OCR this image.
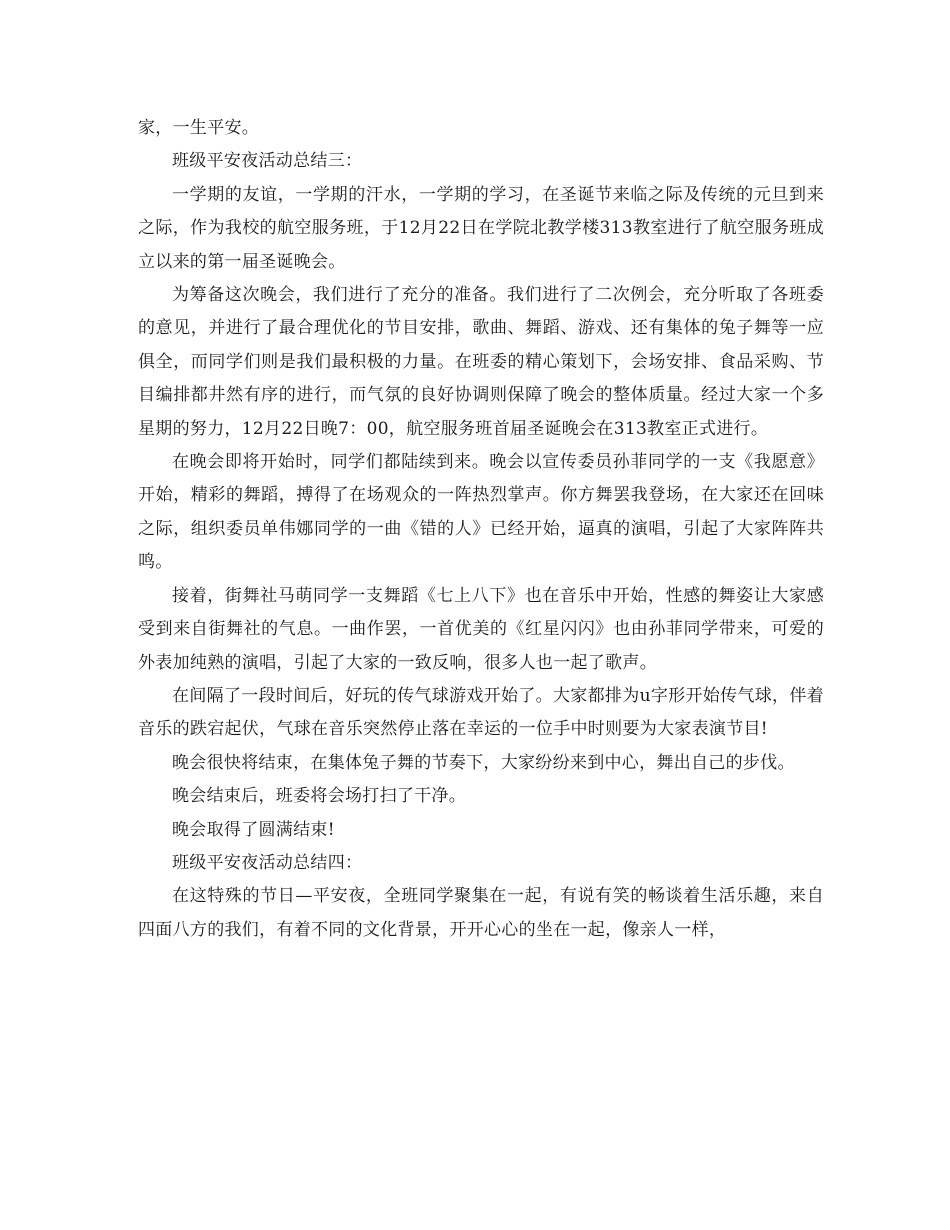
家，一生平安。

班级平安夜活动总结三：

一学期的友谊，一学期的汗水，一学期的学习，在圣诞节来临之际及传统的元旦到来之际，作为我校的航空服务班，于12月22日在学院北教学楼313教室进行了航空服务班成立以来的第一届圣诞晚会。

为筹备这次晚会，我们进行了充分的准备。我们进行了二次例会，充分听取了各班委的意见，并进行了最合理优化的节目安排，歌曲、舞蹈、游戏、还有集体的兔子舞等一应俱全，而同学们则是我们最积极的力量。在班委的精心策划下，会场安排、食品采购、节目编排都井然有序的进行，而气氛的良好协调则保障了晚会的整体质量。经过大家一个多星期的努力，12月22日晚7：00，航空服务班首届圣诞晚会在313教室正式进行。

在晚会即将开始时，同学们都陆续到来。晚会以宣传委员孙菲同学的一支《我愿意》开始，精彩的舞蹈，搏得了在场观众的一阵热烈掌声。你方舞罢我登场，在大家还在回味之际，组织委员单伟娜同学的一曲《错的人》已经开始，逼真的演唱，引起了大家阵阵共鸣。

接着，街舞社马萌同学一支舞蹈《七上八下》也在音乐中开始，性感的舞姿让大家感受到来自街舞社的气息。一曲作罢，一首优美的《红星闪闪》也由孙菲同学带来，可爱的外表加纯熟的演唱，引起了大家的一致反响，很多人也一起了歌声。

在间隔了一段时间后，好玩的传气球游戏开始了。大家都排为u字形开始传气球，伴着音乐的跌宕起伏，气球在音乐突然停止落在幸运的一位手中时则要为大家表演节目!

晚会很快将结束，在集体兔子舞的节奏下，大家纷纷来到中心，舞出自己的步伐。

晚会结束后，班委将会场打扫了干净。

晚会取得了圆满结束!

班级平安夜活动总结四：

在这特殊的节日—平安夜，全班同学聚集在一起，有说有笑的畅谈着生活乐趣，来自四面八方的我们，有着不同的文化背景，开开心心的坐在一起，像亲人一样，
